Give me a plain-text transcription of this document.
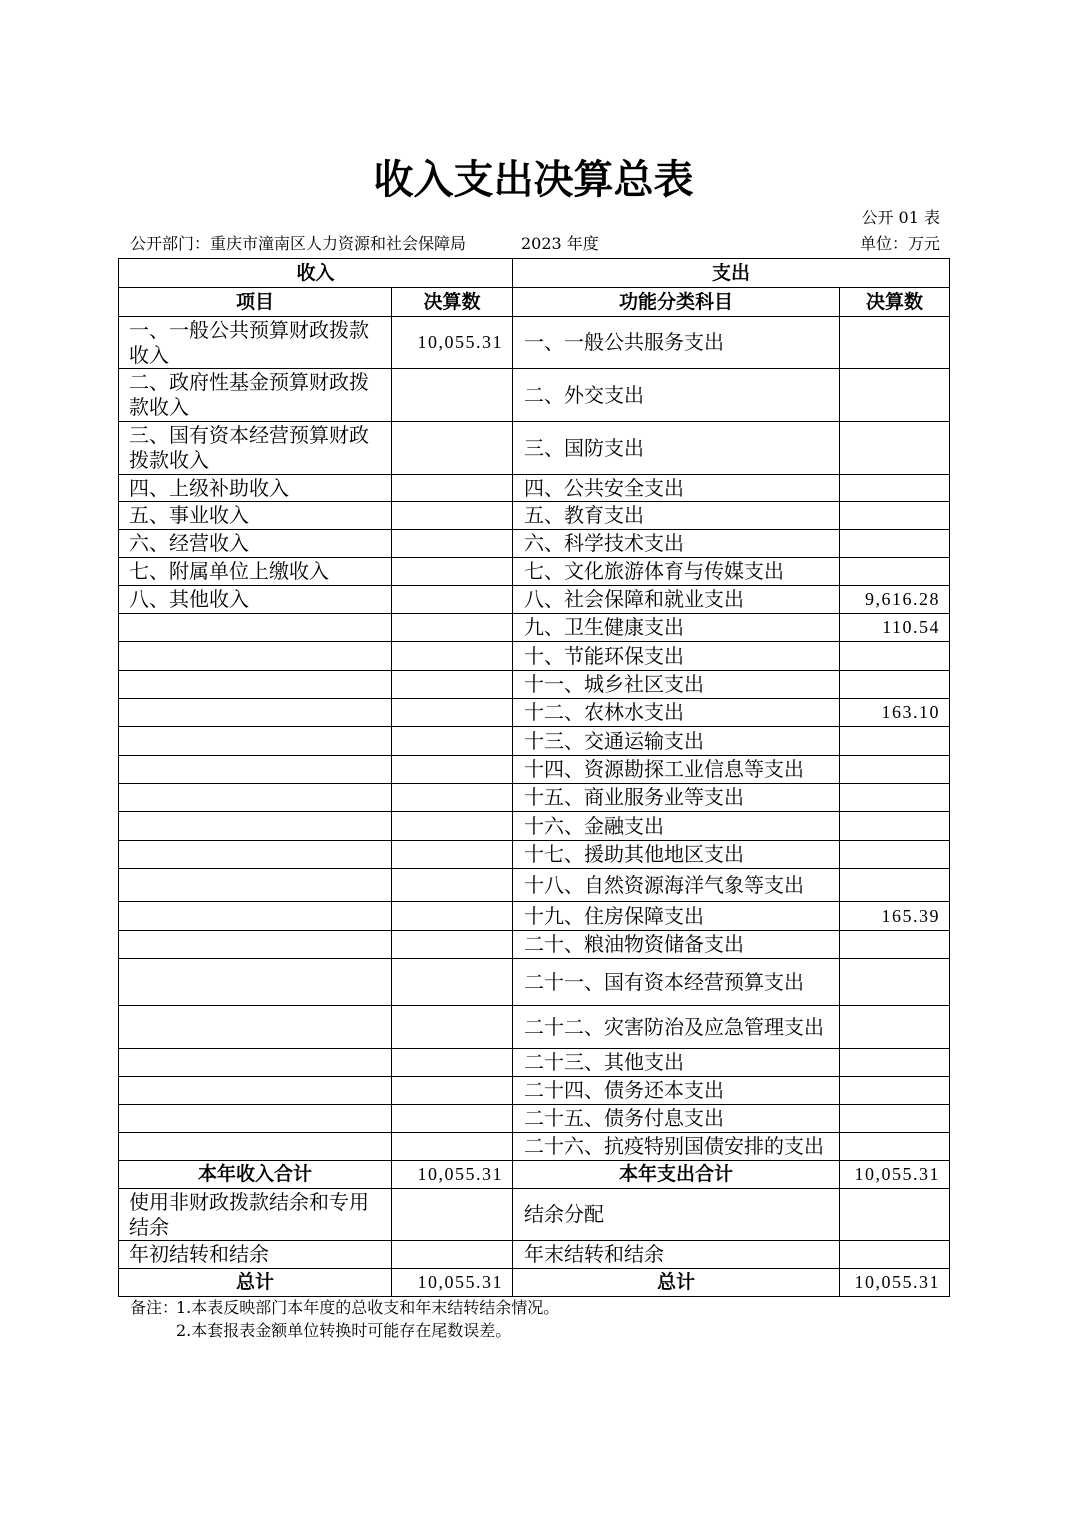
收入支出决算总表
公开 01 表
公开部门：重庆市潼南区人力资源和社会保障局	2023 年度	单位：万元
收入		支出	
项目	决算数	功能分类科目	决算数
一、一般公共预算财政拨款收入	10,055.31	一、一般公共服务支出	
二、政府性基金预算财政拨款收入		二、外交支出	
三、国有资本经营预算财政拨款收入		三、国防支出	
四、上级补助收入		四、公共安全支出	
五、事业收入		五、教育支出	
六、经营收入		六、科学技术支出	
七、附属单位上缴收入		七、文化旅游体育与传媒支出	
八、其他收入		八、社会保障和就业支出	9,616.28
		九、卫生健康支出	110.54
		十、节能环保支出	
		十一、城乡社区支出	
		十二、农林水支出	163.10
		十三、交通运输支出	
		十四、资源勘探工业信息等支出	
		十五、商业服务业等支出	
		十六、金融支出	
		十七、援助其他地区支出	
		十八、自然资源海洋气象等支出	
		十九、住房保障支出	165.39
		二十、粮油物资储备支出	
		二十一、国有资本经营预算支出	
		二十二、灾害防治及应急管理支出	
		二十三、其他支出	
		二十四、债务还本支出	
		二十五、债务付息支出	
		二十六、抗疫特别国债安排的支出	
本年收入合计	10,055.31	本年支出合计	10,055.31
使用非财政拨款结余和专用结余		结余分配	
年初结转和结余		年末结转和结余	
总计	10,055.31	总计	10,055.31
备注：
1.本表反映部门本年度的总收支和年末结转结余情况。
2.本套报表金额单位转换时可能存在尾数误差。
